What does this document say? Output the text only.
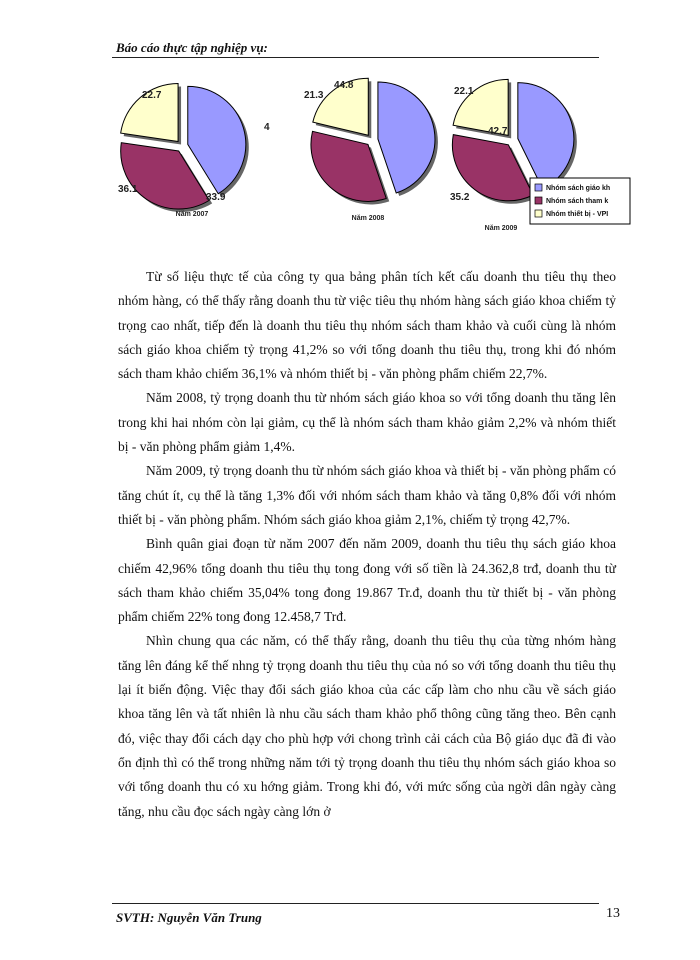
Báo cáo thực tập nghiệp vụ:
4
36.1
22.7
Năm 2007
44.8
33.9
21.3
Năm 2008
42.7
35.2
22.1
Năm 2009
Nhóm sách giáo kh
Nhóm sách tham k
Nhóm thiết bị - VPI

Từ số liệu thực tế của công ty qua bảng phân tích kết cấu doanh thu tiêu thụ theo nhóm hàng, có thể thấy rằng doanh thu từ việc tiêu thụ nhóm hàng sách giáo khoa chiếm tỷ trọng cao nhất, tiếp đến là doanh thu tiêu thụ nhóm sách tham khảo và cuối cùng là nhóm sách giáo khoa chiếm tỷ trọng 41,2% so với tổng doanh thu tiêu thụ, trong khi đó nhóm sách tham khảo chiếm 36,1% và nhóm thiết bị - văn phòng phẩm chiếm 22,7%.

Năm 2008, tỷ trọng doanh thu từ nhóm sách giáo khoa so với tổng doanh thu tăng lên trong khi hai nhóm còn lại giảm, cụ thể là nhóm sách tham khảo giảm 2,2% và nhóm thiết bị - văn phòng phẩm giảm 1,4%.

Năm 2009, tỷ trọng doanh thu từ nhóm sách giáo khoa và thiết bị - văn phòng phẩm có tăng chút ít, cụ thể là tăng 1,3% đối với nhóm sách tham khảo và tăng 0,8% đối với nhóm thiết bị - văn phòng phẩm. Nhóm sách giáo khoa giảm 2,1%, chiếm tỷ trọng 42,7%.

Bình quân giai đoạn từ năm 2007 đến năm 2009, doanh thu tiêu thụ sách giáo khoa chiếm 42,96% tổng doanh thu tiêu thụ tong đong với số tiền là 24.362,8 trđ, doanh thu từ sách tham khảo chiếm 35,04% tong đong 19.867 Tr.đ, doanh thu từ thiết bị - văn phòng phẩm chiếm 22% tong đong 12.458,7 Trđ.

Nhìn chung qua các năm, có thể thấy rằng, doanh thu tiêu thụ của từng nhóm hàng tăng lên đáng kể thế nhng tỷ trọng doanh thu tiêu thụ của nó so với tổng doanh thu tiêu thụ lại ít biến động. Việc thay đổi sách giáo khoa của các cấp làm cho nhu cầu về sách giáo khoa tăng lên và tất nhiên là nhu cầu sách tham khảo phổ thông cũng tăng theo. Bên cạnh đó, việc thay đổi cách dạy cho phù hợp với chong trình cải cách của Bộ giáo dục đã đi vào ổn định thì có thể trong những năm tới tỷ trọng doanh thu tiêu thụ nhóm sách giáo khoa so với tổng doanh thu có xu hớng giảm. Trong khi đó, với mức sống của ngời dân ngày càng tăng, nhu cầu đọc sách ngày càng lớn ở

SVTH: Nguyễn Văn Trung	13
